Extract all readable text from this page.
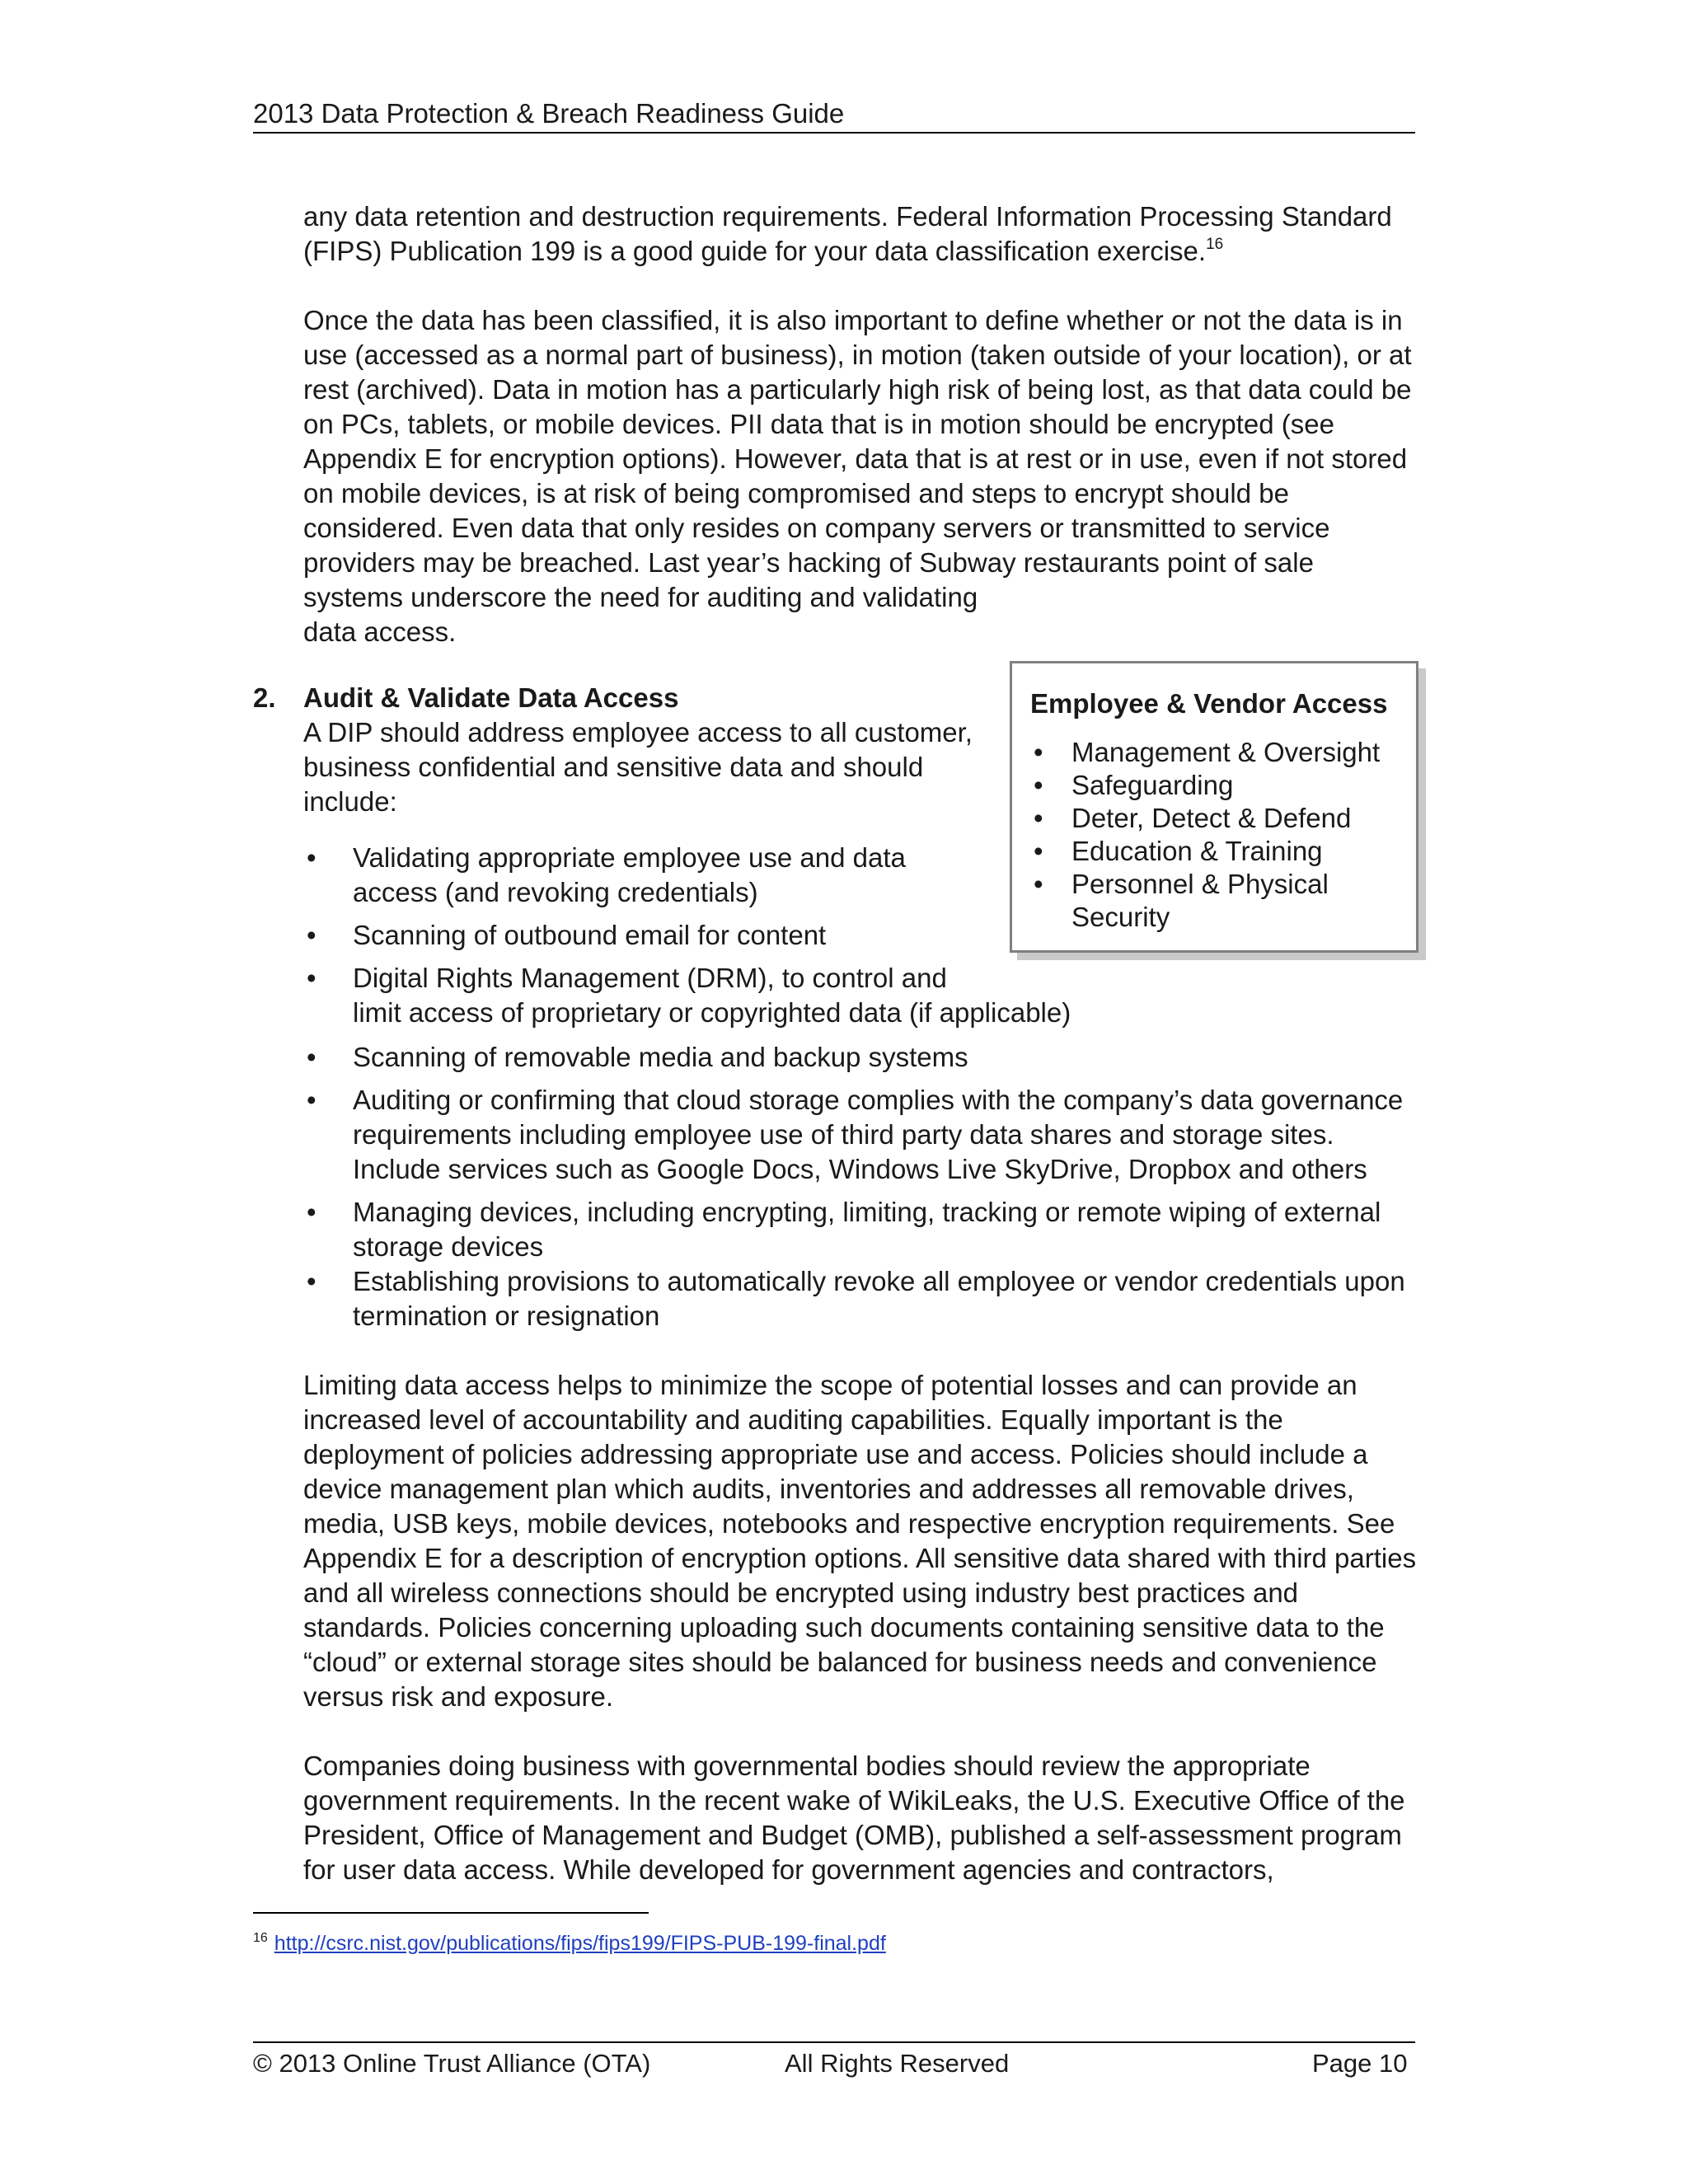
2013 Data Protection & Breach Readiness Guide

any data retention and destruction requirements. Federal Information Processing Standard (FIPS) Publication 199 is a good guide for your data classification exercise.$^{16}$

Once the data has been classified, it is also important to define whether or not the data is in use (accessed as a normal part of business), in motion (taken outside of your location), or at rest (archived). Data in motion has a particularly high risk of being lost, as that data could be on PCs, tablets, or mobile devices. PII data that is in motion should be encrypted (see Appendix E for encryption options). However, data that is at rest or in use, even if not stored on mobile devices, is at risk of being compromised and steps to encrypt should be considered. Even data that only resides on company servers or transmitted to service providers may be breached. Last year’s hacking of Subway restaurants point of sale systems underscore the need for auditing and validating

data access.

2. Audit & Validate Data Access
A DIP should address employee access to all customer, business confidential and sensitive data and should include:
Employee & Vendor Access
• Management & Oversight
• Safeguarding
• Deter, Detect & Defend
• Education & Training
• Personnel & Physical Security
• Validating appropriate employee use and data access (and revoking credentials)
• Scanning of outbound email for content
• Digital Rights Management (DRM), to control and
limit access of proprietary or copyrighted data (if applicable)
• Scanning of removable media and backup systems
• Auditing or confirming that cloud storage complies with the company’s data governance requirements including employee use of third party data shares and storage sites. Include services such as Google Docs, Windows Live SkyDrive, Dropbox and others
• Managing devices, including encrypting, limiting, tracking or remote wiping of external storage devices
• Establishing provisions to automatically revoke all employee or vendor credentials upon termination or resignation

Limiting data access helps to minimize the scope of potential losses and can provide an increased level of accountability and auditing capabilities. Equally important is the deployment of policies addressing appropriate use and access. Policies should include a device management plan which audits, inventories and addresses all removable drives, media, USB keys, mobile devices, notebooks and respective encryption requirements. See Appendix E for a description of encryption options. All sensitive data shared with third parties and all wireless connections should be encrypted using industry best practices and standards. Policies concerning uploading such documents containing sensitive data to the “cloud” or external storage sites should be balanced for business needs and convenience versus risk and exposure.

Companies doing business with governmental bodies should review the appropriate government requirements. In the recent wake of WikiLeaks, the U.S. Executive Office of the President, Office of Management and Budget (OMB), published a self-assessment program for user data access. While developed for government agencies and contractors,

$^{16}$ http://csrc.nist.gov/publications/fips/fips199/FIPS-PUB-199-final.pdf
© 2013 Online Trust Alliance (OTA)	All Rights Reserved	Page 10
